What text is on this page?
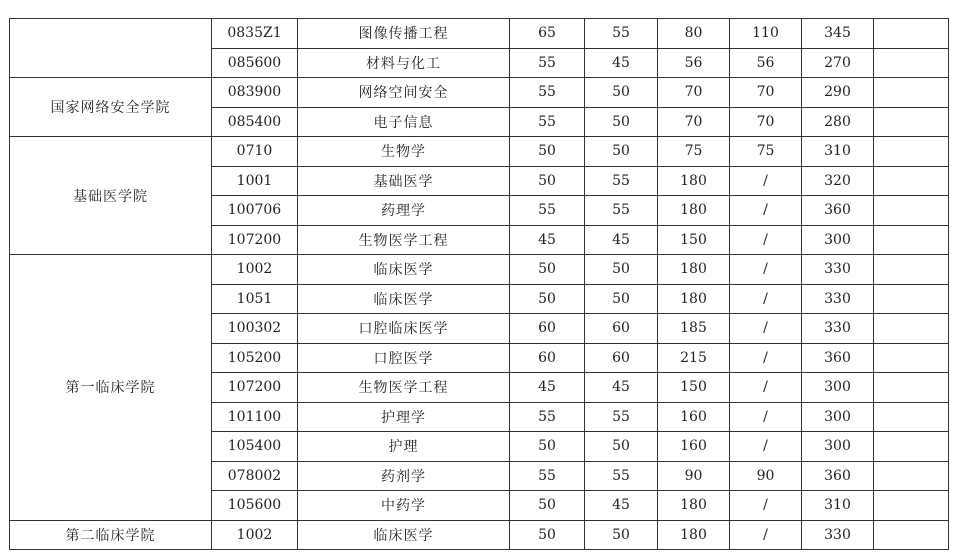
	0835Z1	图像传播工程	65	55	80	110	345	
	085600	材料与化工	55	45	56	56	270	
国家网络安全学院	083900	网络空间安全	55	50	70	70	290	
	085400	电子信息	55	50	70	70	280	
基础医学院	0710	生物学	50	50	75	75	310	
	1001	基础医学	50	55	180	/	320	
	100706	药理学	55	55	180	/	360	
	107200	生物医学工程	45	45	150	/	300	
第一临床学院	1002	临床医学	50	50	180	/	330	
	1051	临床医学	50	50	180	/	330	
	100302	口腔临床医学	60	60	185	/	330	
	105200	口腔医学	60	60	215	/	360	
	107200	生物医学工程	45	45	150	/	300	
	101100	护理学	55	55	160	/	300	
	105400	护理	50	50	160	/	300	
	078002	药剂学	55	55	90	90	360	
	105600	中药学	50	45	180	/	310	
第二临床学院	1002	临床医学	50	50	180	/	330	
